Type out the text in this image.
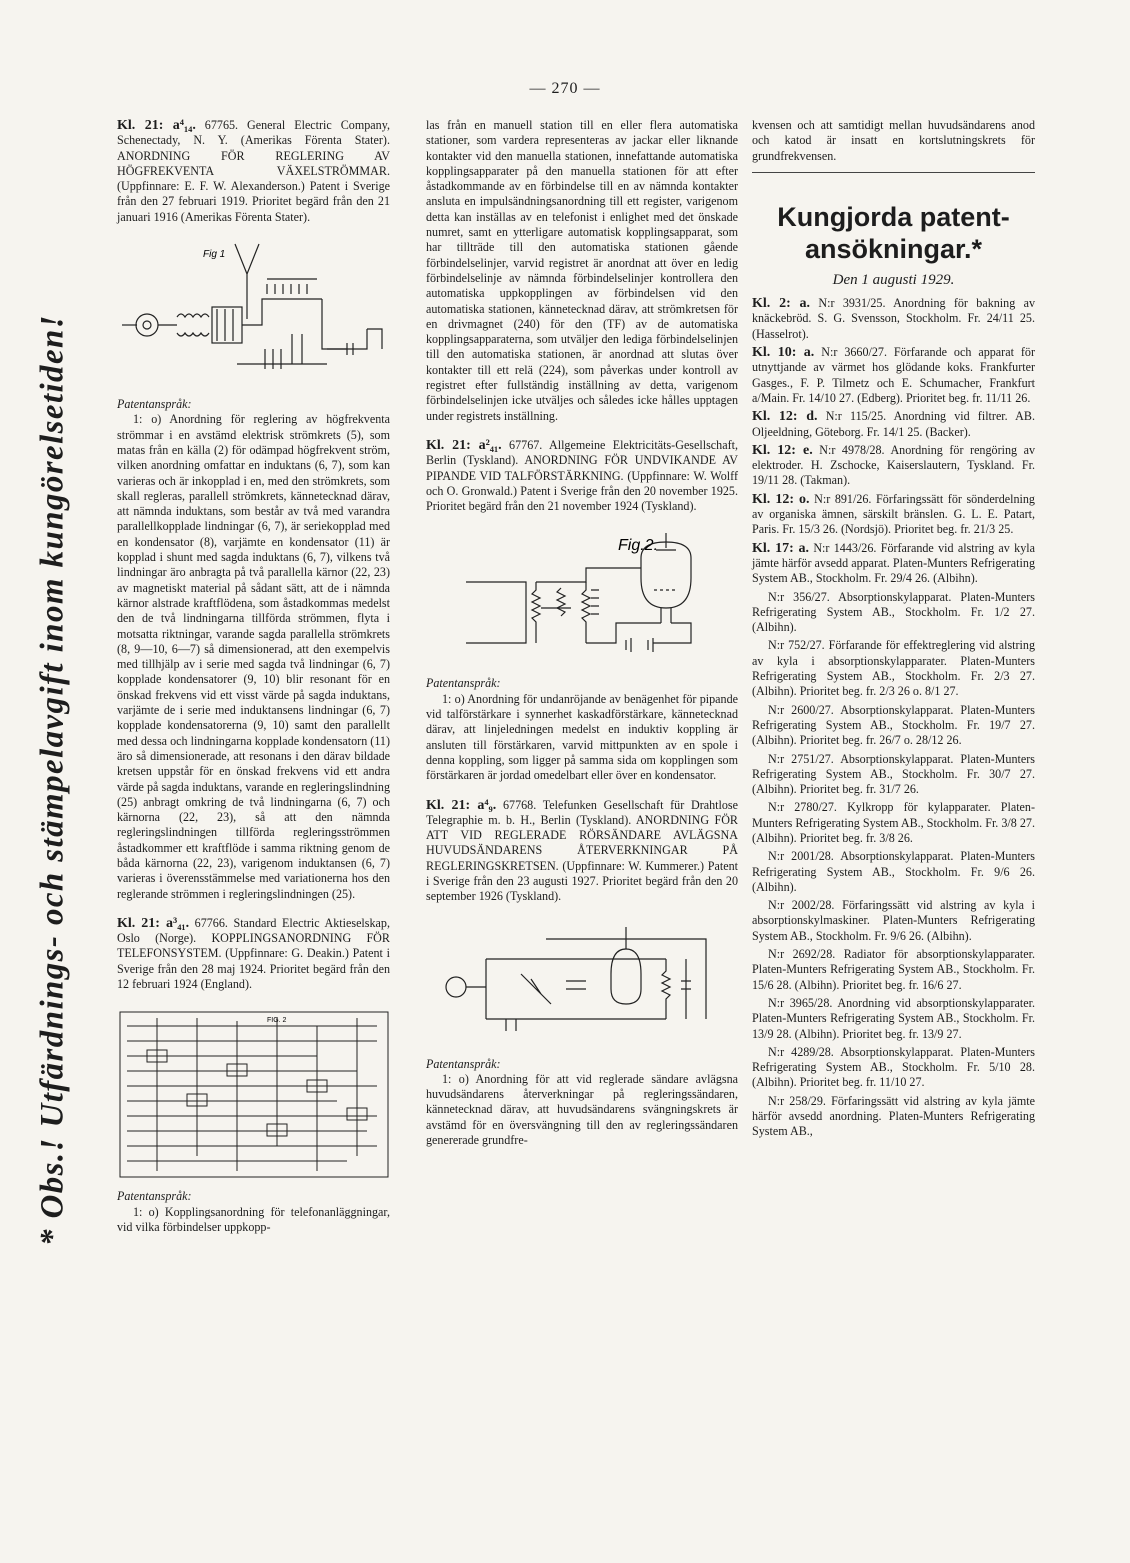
— 270 —
* Obs.! Utfärdnings- och stämpelavgift inom kungörelsetiden!

Kl. 21: a⁴₁₄. 67765. General Electric Company, Schenectady, N. Y. (Amerikas Förenta Stater). ANORDNING FÖR REGLERING AV HÖGFREKVENTA VÄXELSTRÖMMAR. (Uppfinnare: E. F. W. Alexanderson.) Patent i Sverige från den 27 februari 1919. Prioritet begärd från den 21 januari 1916 (Amerikas Förenta Stater).

Fig 1

Patentanspråk:

1: o) Anordning för reglering av högfrekventa strömmar i en avstämd elektrisk strömkrets (5), som matas från en källa (2) för odämpad högfrekvent ström, vilken anordning omfattar en induktans (6, 7), som kan varieras och är inkopplad i en, med den strömkrets, som skall regleras, parallell strömkrets, kännetecknad därav, att nämnda induktans, som består av två med varandra parallellkopplade lindningar (6, 7), är seriekopplad med en kondensator (8), varjämte en kondensator (11) är kopplad i shunt med sagda induktans (6, 7), vilkens två lindningar äro anbragta på två parallella kärnor (22, 23) av magnetiskt material på sådant sätt, att de i nämnda kärnor alstrade kraftflödena, som åstadkommas medelst den de två lindningarna tillförda strömmen, flyta i motsatta riktningar, varande sagda parallella strömkrets (8, 9—10, 6—7) så dimensionerad, att den exempelvis med tillhjälp av i serie med sagda två lindningar (6, 7) kopplade kondensatorer (9, 10) blir resonant för en önskad frekvens vid ett visst värde på sagda induktans, varjämte de i serie med induktansens lindningar (6, 7) kopplade kondensatorerna (9, 10) samt den parallellt med dessa och lindningarna kopplade kondensatorn (11) äro så dimensionerade, att resonans i den därav bildade kretsen uppstår för en önskad frekvens vid ett andra värde på sagda induktans, varande en regleringslindning (25) anbragt omkring de två lindningarna (6, 7) och kärnorna (22, 23), så att den nämnda regleringslindningen tillförda regleringsströmmen åstadkommer ett kraftflöde i samma riktning genom de båda kärnorna (22, 23), varigenom induktansen (6, 7) varieras i överensstämmelse med variationerna hos den reglerande strömmen i regleringslindningen (25).

Kl. 21: a³₄₁. 67766. Standard Electric Aktieselskap, Oslo (Norge). KOPPLINGSANORDNING FÖR TELEFONSYSTEM. (Uppfinnare: G. Deakin.) Patent i Sverige från den 28 maj 1924. Prioritet begärd från den 12 februari 1924 (England).

FIG. 2

Patentanspråk:

1: o) Kopplingsanordning för telefonanläggningar, vid vilka förbindelser uppkopp-

las från en manuell station till en eller flera automatiska stationer, som vardera representeras av jackar eller liknande kontakter vid den manuella stationen, innefattande automatiska kopplingsapparater på den manuella stationen för att efter åstadkommande av en förbindelse till en av nämnda kontakter ansluta en impulsändningsanordning till ett register, varigenom detta kan inställas av en telefonist i enlighet med det önskade numret, samt en ytterligare automatisk kopplingsapparat, som har tillträde till den automatiska stationen gående förbindelselinjer, varvid registret är anordnat att över en ledig förbindelselinje av nämnda förbindelselinjer kontrollera den automatiska uppkopplingen av förbindelsen vid den automatiska stationen, kännetecknad därav, att strömkretsen för en drivmagnet (240) för den (TF) av de automatiska kopplingsapparaterna, som utväljer den lediga förbindelselinjen till den automatiska stationen, är anordnad att slutas över kontakter till ett relä (224), som påverkas under kontroll av registret efter fullständig inställning av detta, varigenom förbindelselinjen icke utväljes och således icke hålles upptagen under registrets inställning.

Kl. 21: a²₄₁. 67767. Allgemeine Elektricitäts-Gesellschaft, Berlin (Tyskland). ANORDNING FÖR UNDVIKANDE AV PIPANDE VID TALFÖRSTÄRKNING. (Uppfinnare: W. Wolff och O. Gronwald.) Patent i Sverige från den 20 november 1925. Prioritet begärd från den 21 november 1924 (Tyskland).

Fig.2.

Patentanspråk:

1: o) Anordning för undanröjande av benägenhet för pipande vid talförstärkare i synnerhet kaskadförstärkare, kännetecknad därav, att linjeledningen medelst en induktiv koppling är ansluten till förstärkaren, varvid mittpunkten av en spole i denna koppling, som ligger på samma sida om kopplingen som förstärkaren är jordad omedelbart eller över en kondensator.

Kl. 21: a⁴₉. 67768. Telefunken Gesellschaft für Drahtlose Telegraphie m. b. H., Berlin (Tyskland). ANORDNING FÖR ATT VID REGLERADE RÖRSÄNDARE AVLÄGSNA HUVUDSÄNDARENS ÅTERVERKNINGAR PÅ REGLERINGSKRETSEN. (Uppfinnare: W. Kummerer.) Patent i Sverige från den 23 augusti 1927. Prioritet begärd från den 20 september 1926 (Tyskland).

Patentanspråk:

1: o) Anordning för att vid reglerade sändare avlägsna huvudsändarens återverkningar på regleringssändaren, kännetecknad därav, att huvudsändarens svängningskrets är avstämd för en översvängning till den av regleringssändaren genererade grundfre-

kvensen och att samtidigt mellan huvudsändarens anod och katod är insatt en kortslutningskrets för grundfrekvensen.

Kungjorda patent-ansökningar.*
Den 1 augusti 1929.

Kl. 2: a. N:r 3931/25. Anordning för bakning av knäckebröd. S. G. Svensson, Stockholm. Fr. 24/11 25. (Hasselrot).

Kl. 10: a. N:r 3660/27. Förfarande och apparat för utnyttjande av värmet hos glödande koks. Frankfurter Gasges., F. P. Tilmetz och E. Schumacher, Frankfurt a/Main. Fr. 14/10 27. (Edberg). Prioritet beg. fr. 11/11 26.

Kl. 12: d. N:r 115/25. Anordning vid filtrer. AB. Oljeeldning, Göteborg. Fr. 14/1 25. (Backer).

Kl. 12: e. N:r 4978/28. Anordning för rengöring av elektroder. H. Zschocke, Kaiserslautern, Tyskland. Fr. 19/11 28. (Takman).

Kl. 12: o. N:r 891/26. Förfaringssätt för sönderdelning av organiska ämnen, särskilt bränslen. G. L. E. Patart, Paris. Fr. 15/3 26. (Nordsjö). Prioritet beg. fr. 21/3 25.

Kl. 17: a. N:r 1443/26. Förfarande vid alstring av kyla jämte härför avsedd apparat. Platen-Munters Refrigerating System AB., Stockholm. Fr. 29/4 26. (Albihn).

N:r 356/27. Absorptionskylapparat. Platen-Munters Refrigerating System AB., Stockholm. Fr. 1/2 27. (Albihn).

N:r 752/27. Förfarande för effektreglering vid alstring av kyla i absorptionskylapparater. Platen-Munters Refrigerating System AB., Stockholm. Fr. 2/3 27. (Albihn). Prioritet beg. fr. 2/3 26 o. 8/1 27.

N:r 2600/27. Absorptionskylapparat. Platen-Munters Refrigerating System AB., Stockholm. Fr. 19/7 27. (Albihn). Prioritet beg. fr. 26/7 o. 28/12 26.

N:r 2751/27. Absorptionskylapparat. Platen-Munters Refrigerating System AB., Stockholm. Fr. 30/7 27. (Albihn). Prioritet beg. fr. 31/7 26.

N:r 2780/27. Kylkropp för kylapparater. Platen-Munters Refrigerating System AB., Stockholm. Fr. 3/8 27. (Albihn). Prioritet beg. fr. 3/8 26.

N:r 2001/28. Absorptionskylapparat. Platen-Munters Refrigerating System AB., Stockholm. Fr. 9/6 26. (Albihn).

N:r 2002/28. Förfaringssätt vid alstring av kyla i absorptionskylmaskiner. Platen-Munters Refrigerating System AB., Stockholm. Fr. 9/6 26. (Albihn).

N:r 2692/28. Radiator för absorptionskylapparater. Platen-Munters Refrigerating System AB., Stockholm. Fr. 15/6 28. (Albihn). Prioritet beg. fr. 16/6 27.

N:r 3965/28. Anordning vid absorptionskylapparater. Platen-Munters Refrigerating System AB., Stockholm. Fr. 13/9 28. (Albihn). Prioritet beg. fr. 13/9 27.

N:r 4289/28. Absorptionskylapparat. Platen-Munters Refrigerating System AB., Stockholm. Fr. 5/10 28. (Albihn). Prioritet beg. fr. 11/10 27.

N:r 258/29. Förfaringssätt vid alstring av kyla jämte härför avsedd anordning. Platen-Munters Refrigerating System AB.,
